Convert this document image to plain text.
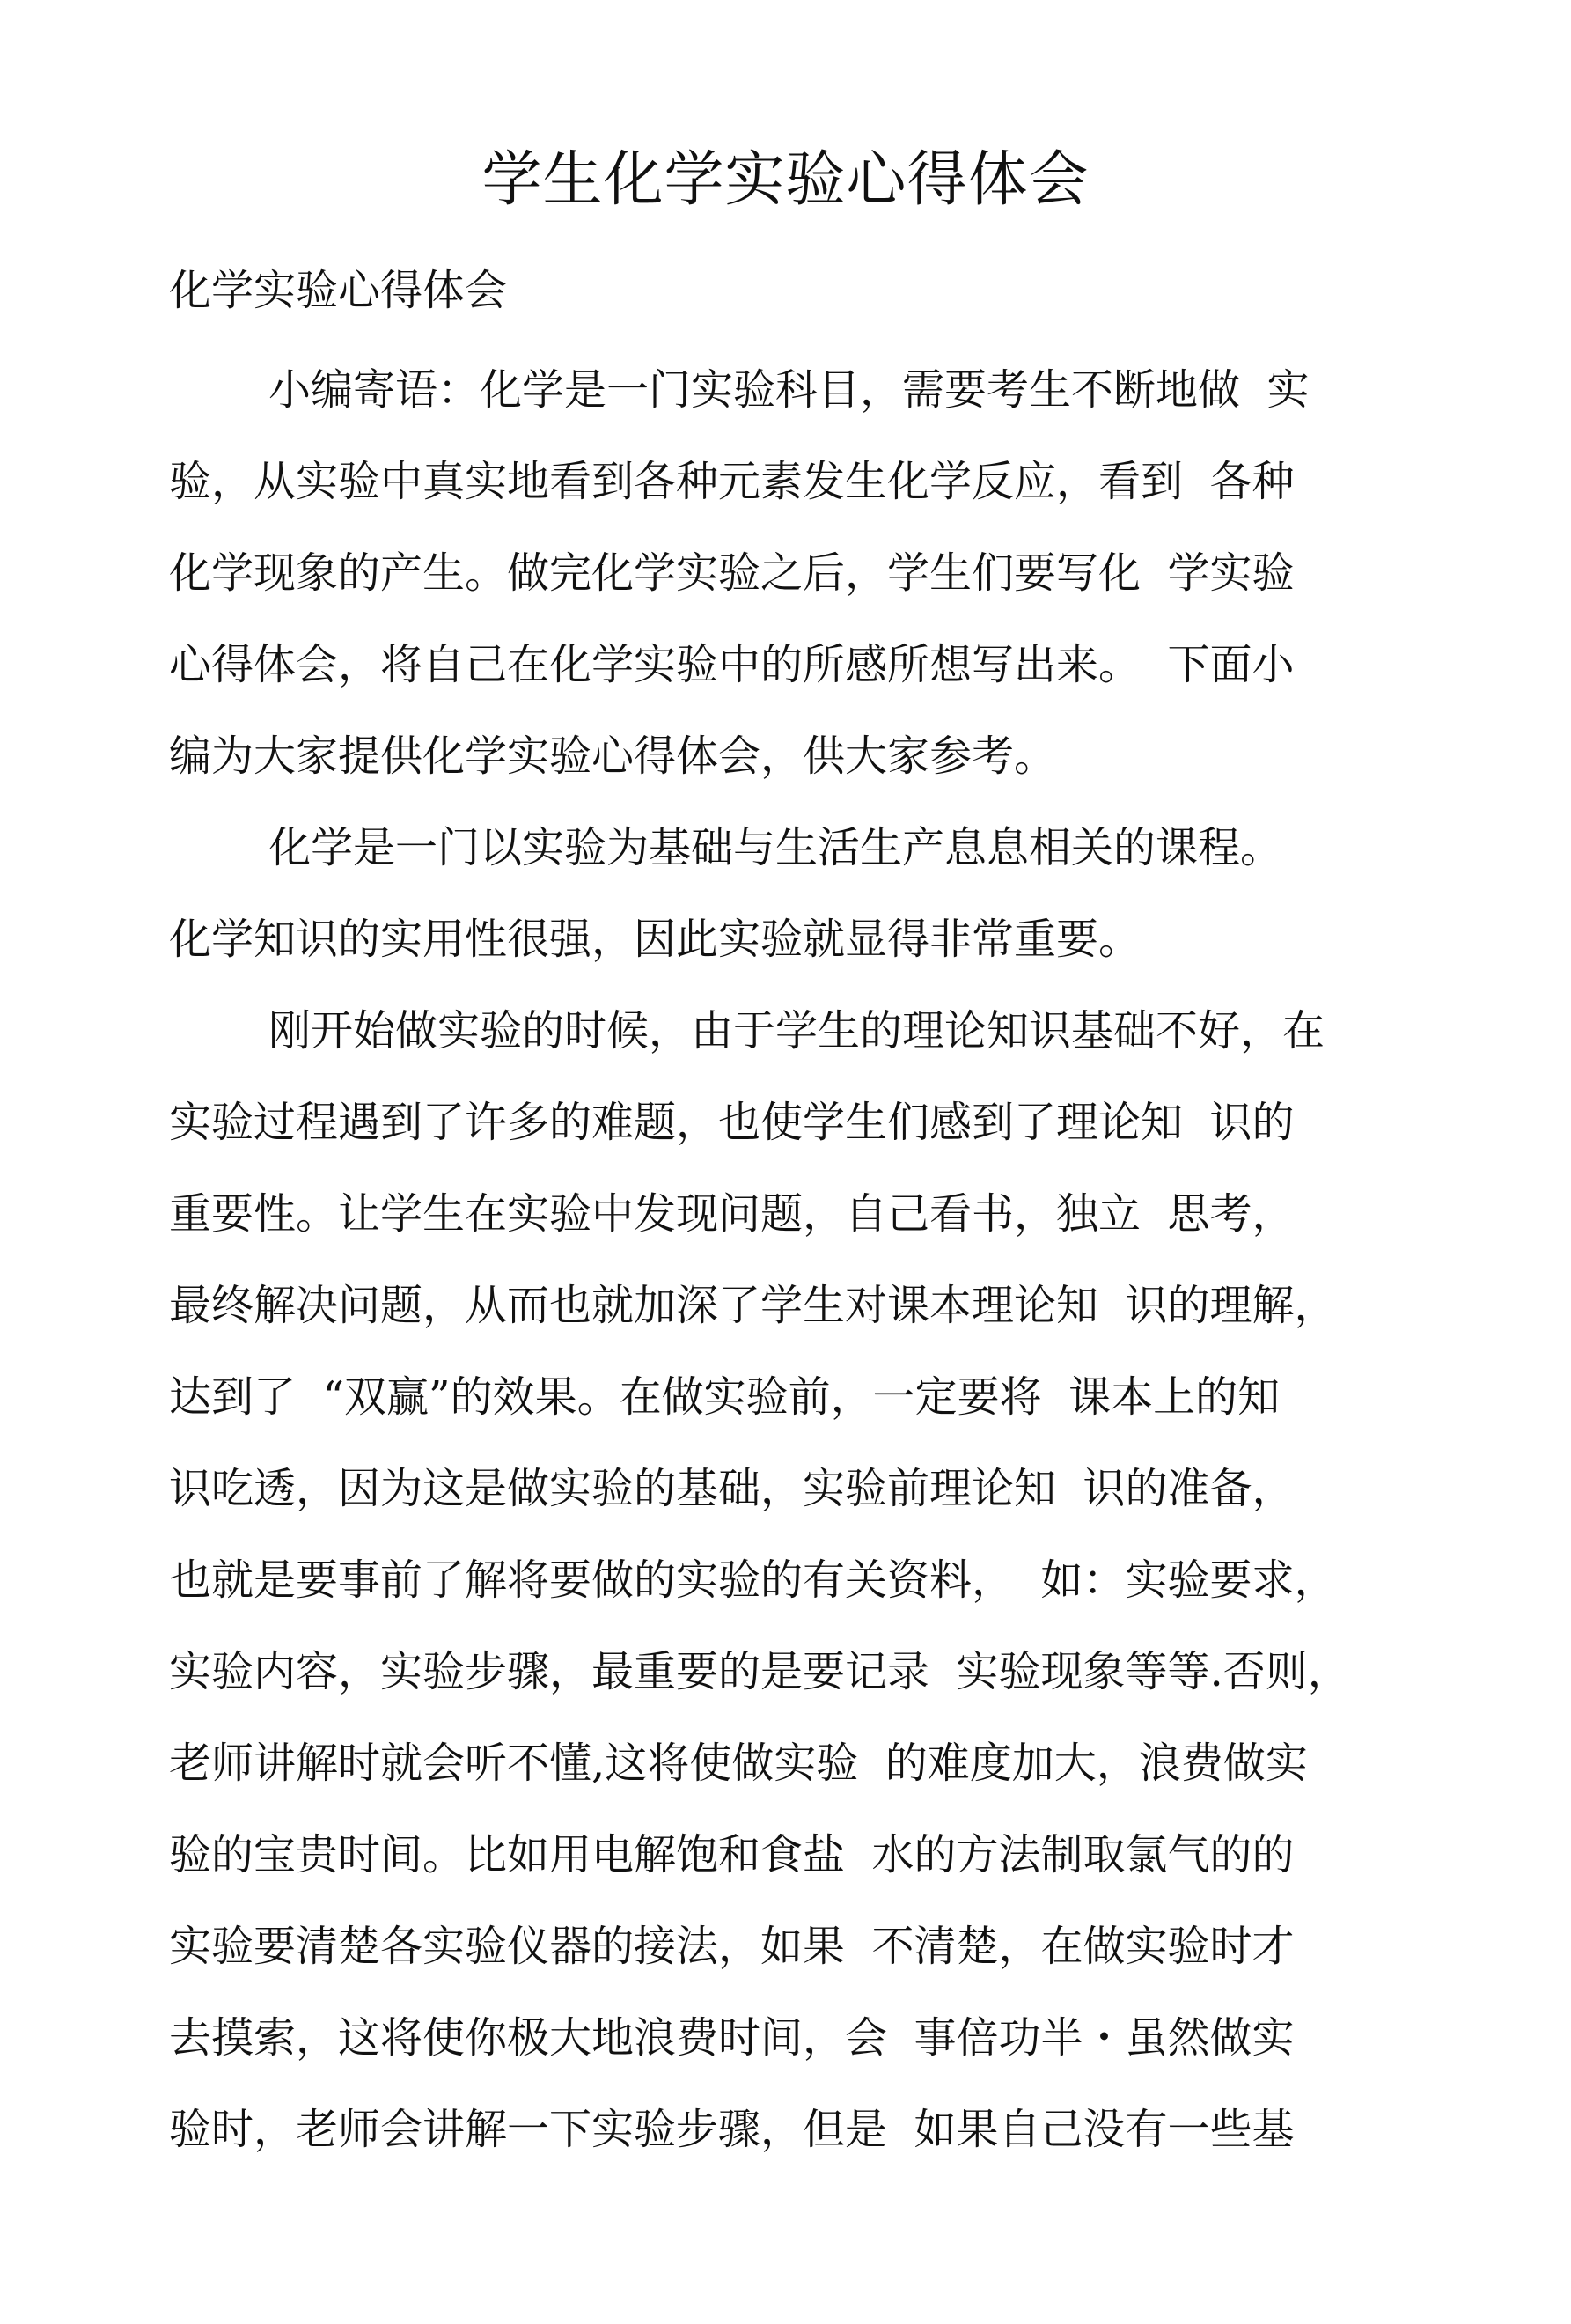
学生化学实验心得体会

化学实验心得体会

小编寄语：化学是一门实验科目，需要考生不断地做  实

验，从实验中真实地看到各种元素发生化学反应，看到  各种

化学现象的产生。做完化学实验之后，学生们要写化  学实验

心得体会，将自己在化学实验中的所感所想写出来。  下面小

编为大家提供化学实验心得体会，供大家参考。

化学是一门以实验为基础与生活生产息息相关的课程。

化学知识的实用性很强，因此实验就显得非常重要。

刚开始做实验的时候，由于学生的理论知识基础不好，在

实验过程遇到了许多的难题，也使学生们感到了理论知  识的

重要性。让学生在实验中发现问题，自己看书，独立  思考，

最终解决问题，从而也就加深了学生对课本理论知  识的理解，

达到了  “双赢”的效果。在做实验前，一定要将  课本上的知

识吃透，因为这是做实验的基础，实验前理论知  识的准备，

也就是要事前了解将要做的实验的有关资料，  如：实验要求，

实验内容，实验步骤，最重要的是要记录  实验现象等等.否则，

老师讲解时就会听不懂,这将使做实验  的难度加大，浪费做实

验的宝贵时间。比如用电解饱和食盐  水的方法制取氯气的的

实验要清楚各实验仪器的接法，如果  不清楚，在做实验时才

去摸索，这将使你极大地浪费时间，会  事倍功半・虽然做实

验时，老师会讲解一下实验步骤，但是  如果自己没有一些基
